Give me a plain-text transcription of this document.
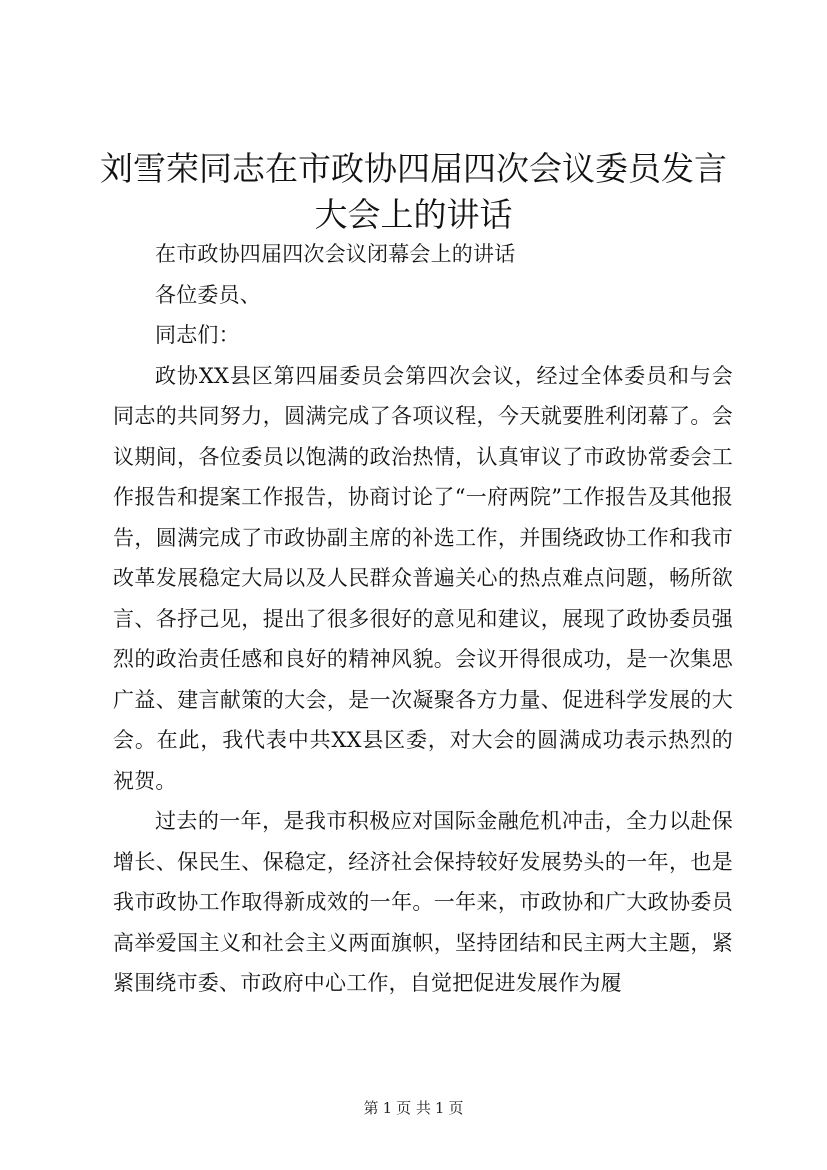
刘雪荣同志在市政协四届四次会议委员发言大会上的讲话

在市政协四届四次会议闭幕会上的讲话

各位委员、

同志们：

政协XX县区第四届委员会第四次会议，经过全体委员和与会同志的共同努力，圆满完成了各项议程，今天就要胜利闭幕了。会议期间，各位委员以饱满的政治热情，认真审议了市政协常委会工作报告和提案工作报告，协商讨论了“一府两院”工作报告及其他报告，圆满完成了市政协副主席的补选工作，并围绕政协工作和我市改革发展稳定大局以及人民群众普遍关心的热点难点问题，畅所欲言、各抒己见，提出了很多很好的意见和建议，展现了政协委员强烈的政治责任感和良好的精神风貌。会议开得很成功，是一次集思广益、建言献策的大会，是一次凝聚各方力量、促进科学发展的大会。在此，我代表中共XX县区委，对大会的圆满成功表示热烈的祝贺。

过去的一年，是我市积极应对国际金融危机冲击，全力以赴保增长、保民生、保稳定，经济社会保持较好发展势头的一年，也是我市政协工作取得新成效的一年。一年来，市政协和广大政协委员高举爱国主义和社会主义两面旗帜，坚持团结和民主两大主题，紧紧围绕市委、市政府中心工作，自觉把促进发展作为履

第 1 页 共 1 页
